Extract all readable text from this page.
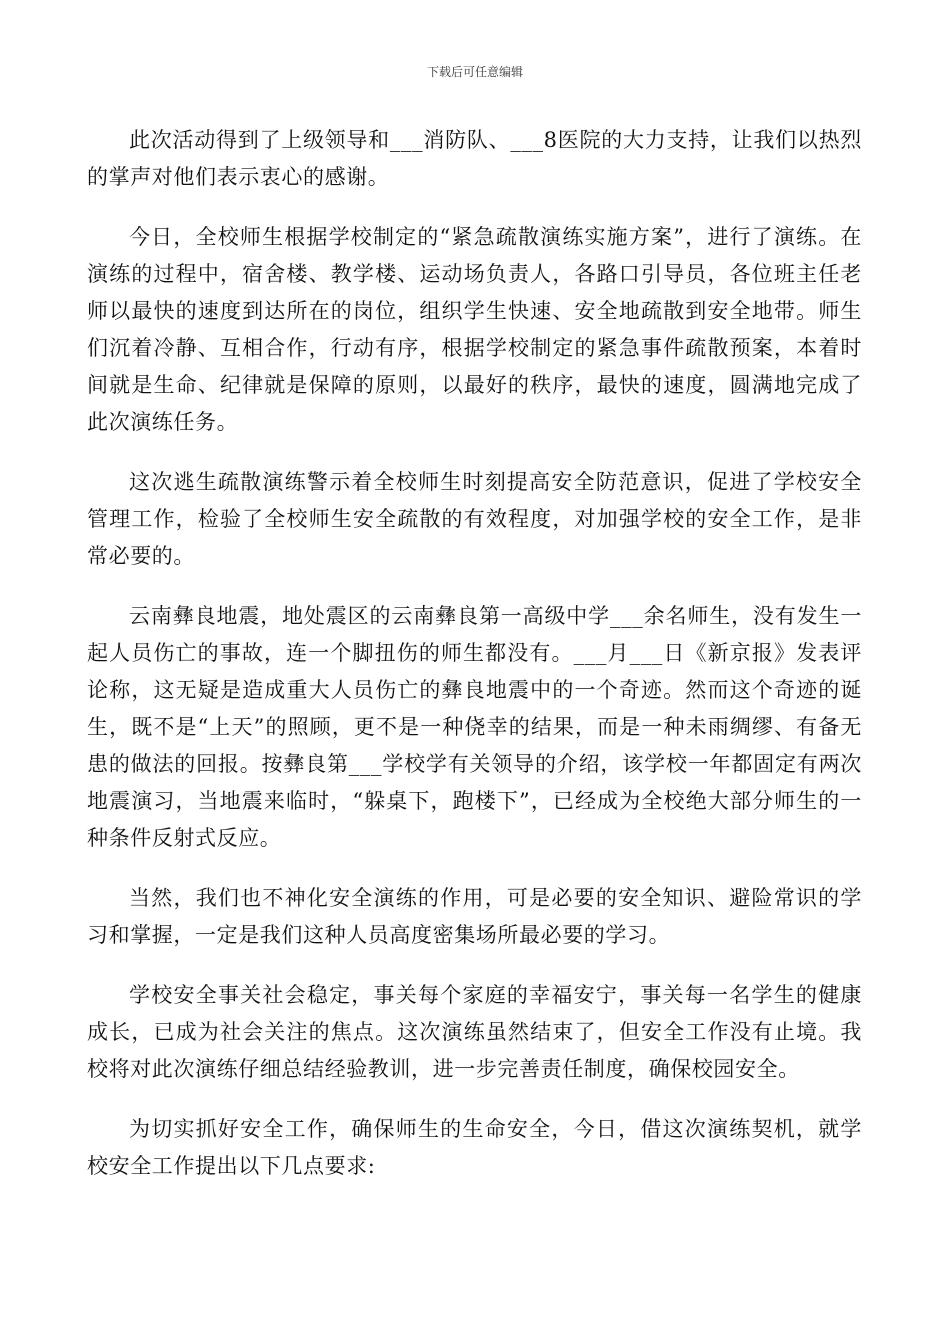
下载后可任意编辑

此次活动得到了上级领导和___消防队、___8医院的大力支持，让我们以热烈的掌声对他们表示衷心的感谢。

今日，全校师生根据学校制定的“紧急疏散演练实施方案”，进行了演练。在演练的过程中，宿舍楼、教学楼、运动场负责人，各路口引导员，各位班主任老师以最快的速度到达所在的岗位，组织学生快速、安全地疏散到安全地带。师生们沉着冷静、互相合作，行动有序，根据学校制定的紧急事件疏散预案，本着时间就是生命、纪律就是保障的原则，以最好的秩序，最快的速度，圆满地完成了此次演练任务。

这次逃生疏散演练警示着全校师生时刻提高安全防范意识，促进了学校安全管理工作，检验了全校师生安全疏散的有效程度，对加强学校的安全工作，是非常必要的。

云南彝良地震，地处震区的云南彝良第一高级中学___余名师生，没有发生一起人员伤亡的事故，连一个脚扭伤的师生都没有。___月___日《新京报》发表评论称，这无疑是造成重大人员伤亡的彝良地震中的一个奇迹。然而这个奇迹的诞生，既不是“上天”的照顾，更不是一种侥幸的结果，而是一种未雨绸缪、有备无患的做法的回报。按彝良第___学校学有关领导的介绍，该学校一年都固定有两次地震演习，当地震来临时，“躲桌下，跑楼下”，已经成为全校绝大部分师生的一种条件反射式反应。

当然，我们也不神化安全演练的作用，可是必要的安全知识、避险常识的学习和掌握，一定是我们这种人员高度密集场所最必要的学习。

学校安全事关社会稳定，事关每个家庭的幸福安宁，事关每一名学生的健康成长，已成为社会关注的焦点。这次演练虽然结束了，但安全工作没有止境。我校将对此次演练仔细总结经验教训，进一步完善责任制度，确保校园安全。

为切实抓好安全工作，确保师生的生命安全，今日，借这次演练契机，就学校安全工作提出以下几点要求:
